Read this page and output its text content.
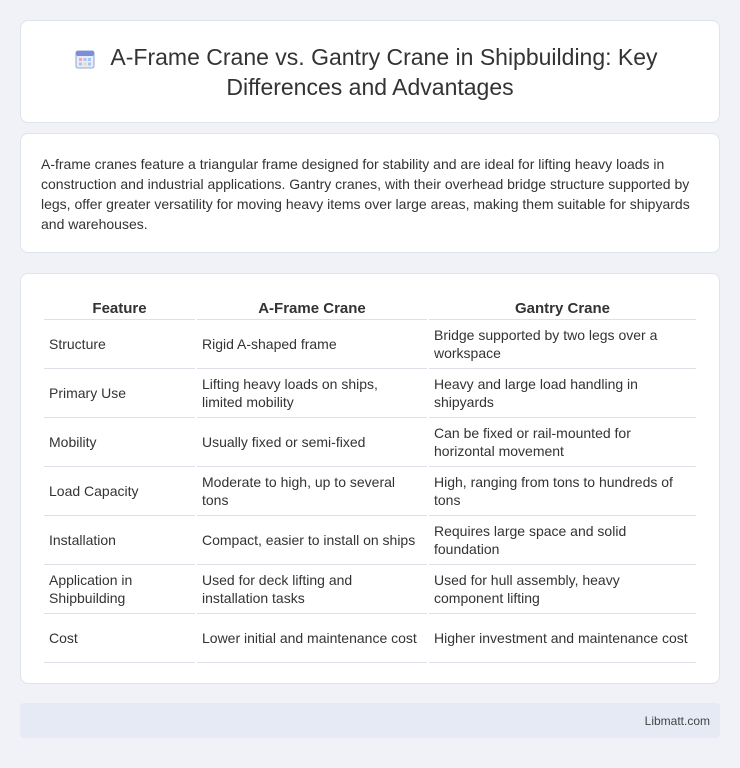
A-Frame Crane vs. Gantry Crane in Shipbuilding: Key Differences and Advantages

A-frame cranes feature a triangular frame designed for stability and are ideal for lifting heavy loads in construction and industrial applications. Gantry cranes, with their overhead bridge structure supported by legs, offer greater versatility for moving heavy items over large areas, making them suitable for shipyards and warehouses.

Feature	A-Frame Crane	Gantry Crane
Structure	Rigid A-shaped frame	Bridge supported by two legs over a workspace
Primary Use	Lifting heavy loads on ships, limited mobility	Heavy and large load handling in shipyards
Mobility	Usually fixed or semi-fixed	Can be fixed or rail-mounted for horizontal movement
Load Capacity	Moderate to high, up to several tons	High, ranging from tons to hundreds of tons
Installation	Compact, easier to install on ships	Requires large space and solid foundation
Application in Shipbuilding	Used for deck lifting and installation tasks	Used for hull assembly, heavy component lifting
Cost	Lower initial and maintenance cost	Higher investment and maintenance cost
Libmatt.com
